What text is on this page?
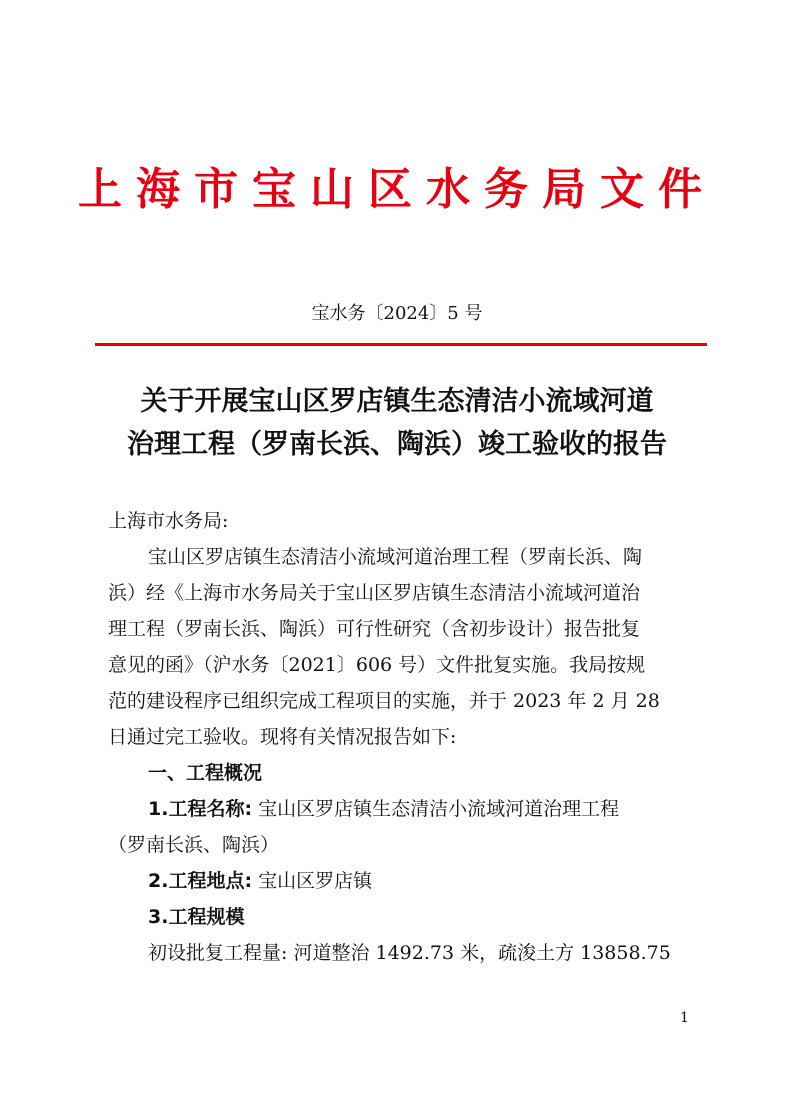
上海市宝山区水务局文件
宝水务〔2024〕5 号
关于开展宝山区罗店镇生态清洁小流域河道
治理工程（罗南长浜、陶浜）竣工验收的报告
上海市水务局:
宝山区罗店镇生态清洁小流域河道治理工程（罗南长浜、陶
浜）经《上海市水务局关于宝山区罗店镇生态清洁小流域河道治
理工程（罗南长浜、陶浜）可行性研究（含初步设计）报告批复
意见的函》（沪水务〔2021〕606 号）文件批复实施。我局按规
范的建设程序已组织完成工程项目的实施，并于 2023 年 2 月 28
日通过完工验收。现将有关情况报告如下:
一、工程概况
1.工程名称: 宝山区罗店镇生态清洁小流域河道治理工程
（罗南长浜、陶浜）
2.工程地点: 宝山区罗店镇
3.工程规模
初设批复工程量: 河道整治 1492.73 米，疏浚土方 13858.75
1
